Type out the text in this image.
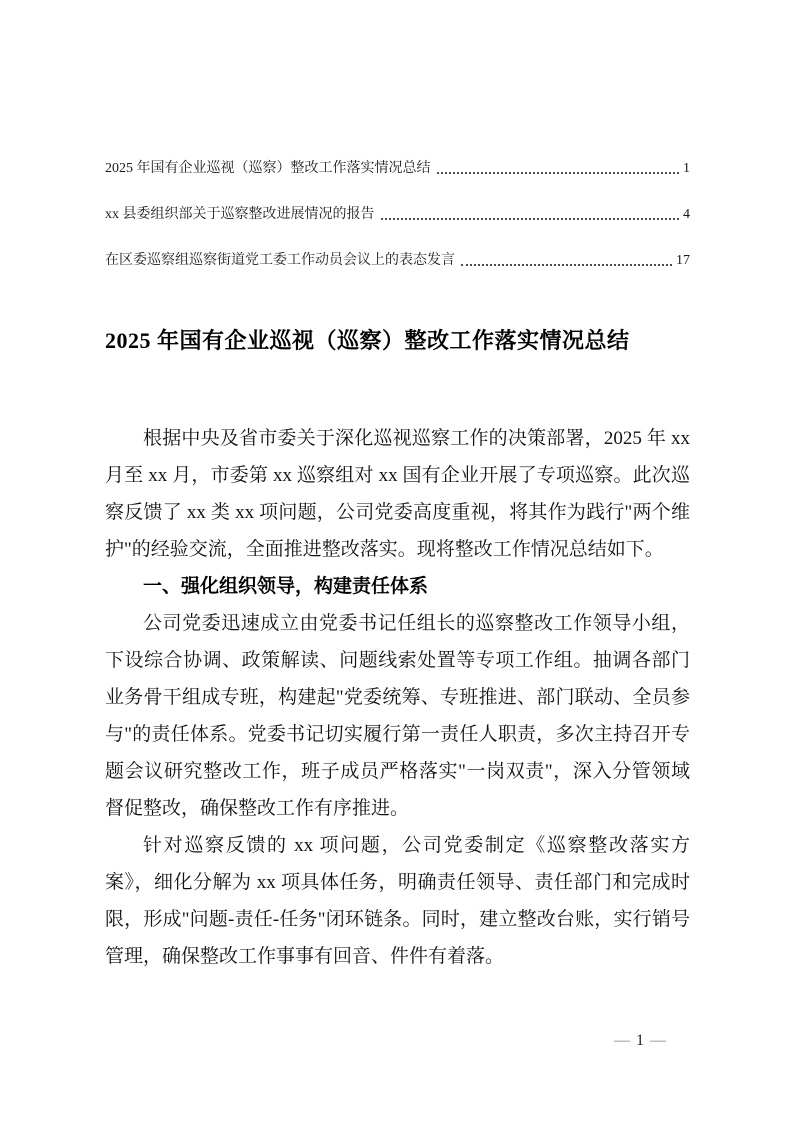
2025 年国有企业巡视（巡察）整改工作落实情况总结	1
xx 县委组织部关于巡察整改进展情况的报告	4
在区委巡察组巡察街道党工委工作动员会议上的表态发言	17
2025 年国有企业巡视（巡察）整改工作落实情况总结

根据中央及省市委关于深化巡视巡察工作的决策部署，2025 年 xx 月至 xx 月，市委第 xx 巡察组对 xx 国有企业开展了专项巡察。此次巡察反馈了 xx 类 xx 项问题，公司党委高度重视，将其作为践行"两个维护"的经验交流，全面推进整改落实。现将整改工作情况总结如下。

一、强化组织领导，构建责任体系

公司党委迅速成立由党委书记任组长的巡察整改工作领导小组，下设综合协调、政策解读、问题线索处置等专项工作组。抽调各部门业务骨干组成专班，构建起"党委统筹、专班推进、部门联动、全员参与"的责任体系。党委书记切实履行第一责任人职责，多次主持召开专题会议研究整改工作，班子成员严格落实"一岗双责"，深入分管领域督促整改，确保整改工作有序推进。

针对巡察反馈的 xx 项问题，公司党委制定《巡察整改落实方案》，细化分解为 xx 项具体任务，明确责任领导、责任部门和完成时限，形成"问题-责任-任务"闭环链条。同时，建立整改台账，实行销号管理，确保整改工作事事有回音、件件有着落。

— 1 —
